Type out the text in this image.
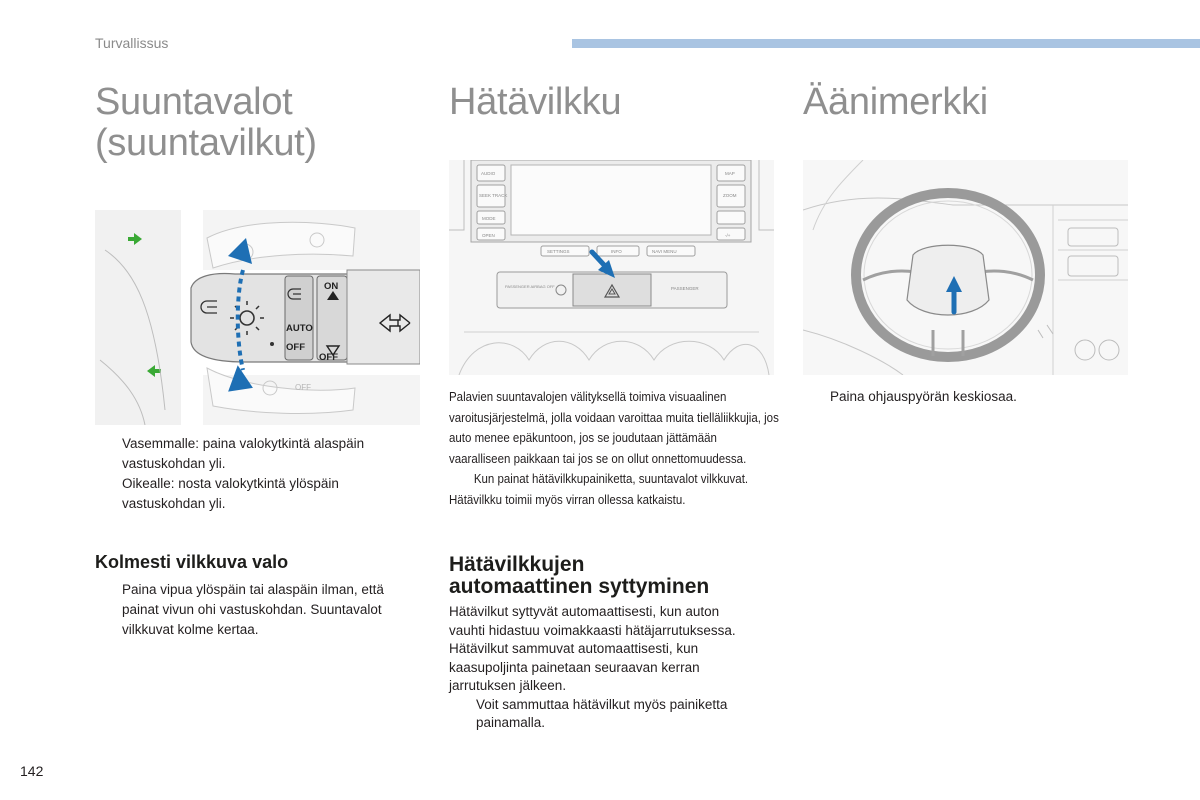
Turvallissus
Suuntavalot
(suuntavilkut)
AUTO
OFF
ON
OFF
OFF
Vasemmalle: paina valokytkintä alaspäin vastuskohdan yli.
Oikealle: nosta valokytkintä ylöspäin vastuskohdan yli.
Kolmesti vilkkuva valo
Paina vipua ylöspäin tai alaspäin ilman, että painat vivun ohi vastuskohdan. Suuntavalot vilkkuvat kolme kertaa.
Hätävilkku
AUDIO
SEEK TRACK
MODE
OPEN
MAP
ZOOM
-/+
SETTINGS	INFO	NAVI MENU
PASSENGER AIRBAG OFF	PASSENGER
Palavien suuntavalojen välityksellä toimiva visuaalinen varoitusjärjestelmä, jolla voidaan varoittaa muita tielläliikkujia, jos auto menee epäkuntoon, jos se joudutaan jättämään vaaralliseen paikkaan tai jos se on ollut onnettomuudessa.
Kun painat hätävilkkupainiketta, suuntavalot vilkkuvat.
Hätävilkku toimii myös virran ollessa katkaistu.
Hätävilkkujen
automaattinen syttyminen
Hätävilkut syttyvät automaattisesti, kun auton vauhti hidastuu voimakkaasti hätäjarrutuksessa.
Hätävilkut sammuvat automaattisesti, kun kaasupoljinta painetaan seuraavan kerran jarrutuksen jälkeen.
Voit sammuttaa hätävilkut myös painiketta painamalla.
Äänimerkki
Paina ohjauspyörän keskiosaa.
142
